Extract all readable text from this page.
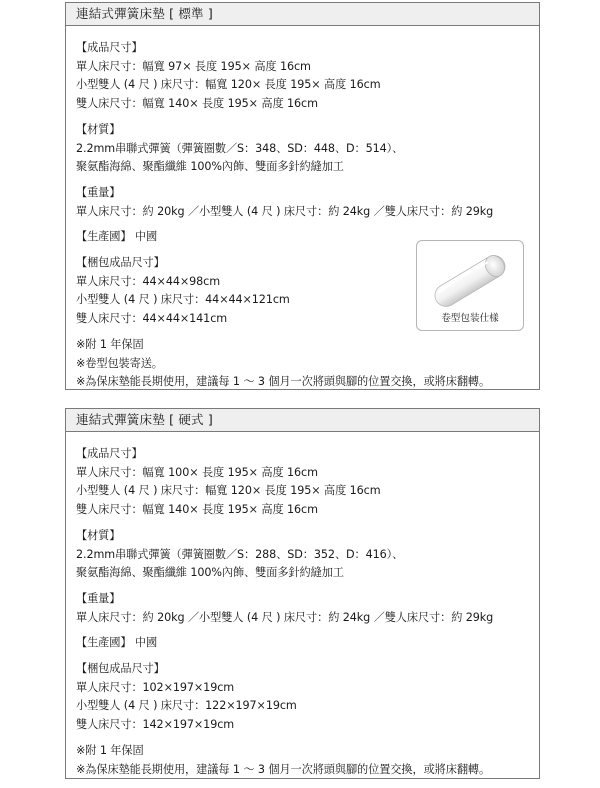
連結式彈簧床墊 [ 標準 ]
【成品尺寸】
單人床尺寸：幅寬 97× 長度 195× 高度 16cm
小型雙人 (4 尺 ) 床尺寸：幅寬 120× 長度 195× 高度 16cm
雙人床尺寸：幅寬 140× 長度 195× 高度 16cm
【材質】
2.2mm串聯式彈簧（彈簧圈數／S：348、SD：448、D：514）、
聚氨酯海綿、聚酯纖維 100%內飾、雙面多針約縫加工
【重量】
單人床尺寸：約 20kg ／小型雙人 (4 尺 ) 床尺寸：約 24kg ／雙人床尺寸：約 29kg
【生產國】 中國
【梱包成品尺寸】
單人床尺寸：44×44×98cm
小型雙人 (4 尺 ) 床尺寸：44×44×121cm
雙人床尺寸：44×44×141cm
※附 1 年保固
※卷型包裝寄送。
※為保床墊能長期使用，建議每 1 ～ 3 個月一次將頭與腳的位置交換，或將床翻轉。
卷型包装仕樣
連結式彈簧床墊 [ 硬式 ]
【成品尺寸】
單人床尺寸：幅寬 100× 長度 195× 高度 16cm
小型雙人 (4 尺 ) 床尺寸：幅寬 120× 長度 195× 高度 16cm
雙人床尺寸：幅寬 140× 長度 195× 高度 16cm
【材質】
2.2mm串聯式彈簧（彈簧圈數／S：288、SD：352、D：416）、
聚氨酯海綿、聚酯纖維 100%內飾、雙面多針約縫加工
【重量】
單人床尺寸：約 20kg ／小型雙人 (4 尺 ) 床尺寸：約 24kg ／雙人床尺寸：約 29kg
【生產國】 中國
【梱包成品尺寸】
單人床尺寸：102×197×19cm
小型雙人 (4 尺 ) 床尺寸：122×197×19cm
雙人床尺寸：142×197×19cm
※附 1 年保固
※為保床墊能長期使用，建議每 1 ～ 3 個月一次將頭與腳的位置交換，或將床翻轉。
